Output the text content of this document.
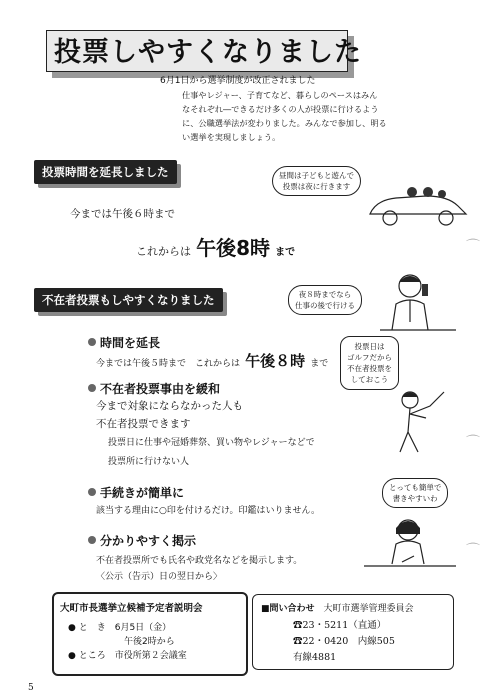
投票しやすくなりました
6月1日から選挙制度が改正されました
仕事やレジャー、子育てなど、暮らしのペースはみん
なそれぞれ―できるだけ多くの人が投票に行けるよう
に、公職選挙法が変わりました。みんなで参加し、明る
い選挙を実現しましょう。
投票時間を延長しました	昼間は子どもと遊んで
投票は夜に行きます
今までは午後６時まで
これからは 午後8時 まで
不在者投票もしやすくなりました	夜８時までなら
仕事の後で行ける
時間を延長
今までは午後５時まで　これからは 午後８時 まで
投票日は
ゴルフだから
不在者投票を
しておこう
不在者投票事由を緩和
今まで対象にならなかった人も
不在者投票できます
投票日に仕事や冠婚葬祭、買い物やレジャーなどで
投票所に行けない人
手続きが簡単に
該当する理由に○印を付けるだけ。印鑑はいりません。
とっても簡単で
書きやすいわ
分かりやすく掲示
不在者投票所でも氏名や政党名などを掲示します。
〈公示（告示）日の翌日から〉
大町市長選挙立候補予定者説明会
● と　き　 6月5日（金）
午後2時から
● ところ　 市役所第２会議室
■問い合わせ　 大町市選挙管理委員会
☎23・5211（直通）
☎22・0420　内線505
有線4881
⌒
⌒
⌒
5
